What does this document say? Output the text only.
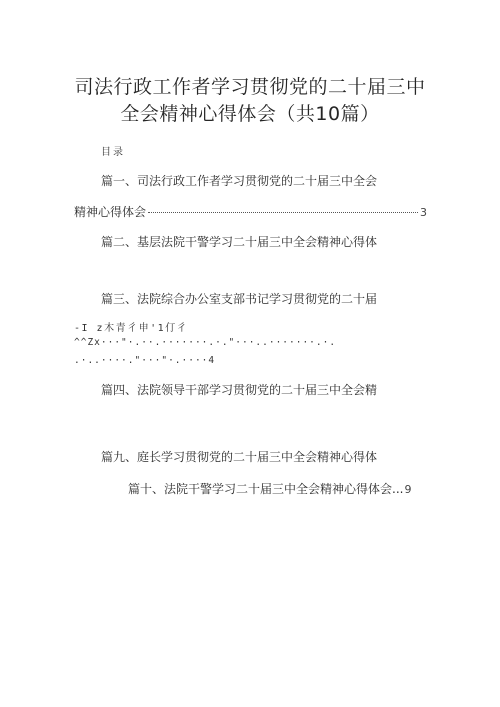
司法行政工作者学习贯彻党的二十届三中
全会精神心得体会（共10篇）
目录
篇一、司法行政工作者学习贯彻党的二十届三中全会
精神心得体会	3
篇二、基层法院干警学习二十届三中全会精神心得体
篇三、法院综合办公室支部书记学习贯彻党的二十届
-I z木青彳申'1仃彳
^^Zx···"·.··.·······.·."···..·······.·.
.·..····."···"·.····4
篇四、法院领导干部学习贯彻党的二十届三中全会精
篇九、庭长学习贯彻党的二十届三中全会精神心得体
篇十、法院干警学习二十届三中全会精神心得体会... 9
